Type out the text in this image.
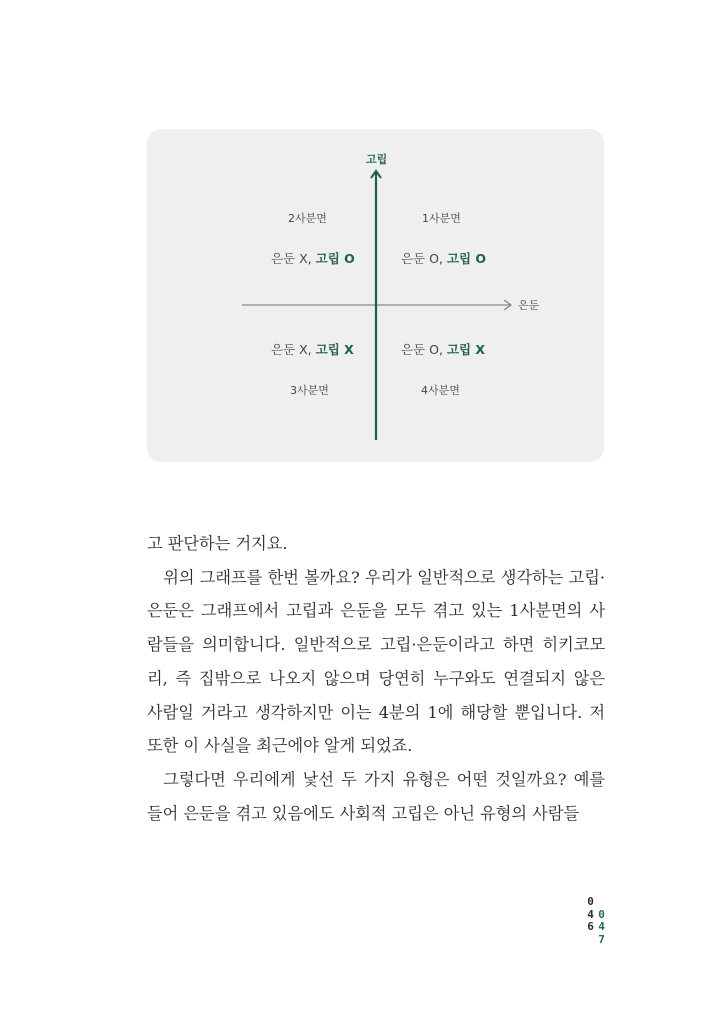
고립
은둔
2사분면
은둔 X, 고립 O
1사분면
은둔 O, 고립 O
은둔 X, 고립 X
3사분면
은둔 O, 고립 X
4사분면

고 판단하는 거지요.

위의 그래프를 한번 볼까요? 우리가 일반적으로 생각하는 고립·은둔은 그래프에서 고립과 은둔을 모두 겪고 있는 1사분면의 사람들을 의미합니다. 일반적으로 고립·은둔이라고 하면 히키코모리, 즉 집밖으로 나오지 않으며 당연히 누구와도 연결되지 않은 사람일 거라고 생각하지만 이는 4분의 1에 해당할 뿐입니다. 저 또한 이 사실을 최근에야 알게 되었죠.

그렇다면 우리에게 낯선 두 가지 유형은 어떤 것일까요? 예를 들어 은둔을 겪고 있음에도 사회적 고립은 아닌 유형의 사람들

0
4 0
6 4
7
